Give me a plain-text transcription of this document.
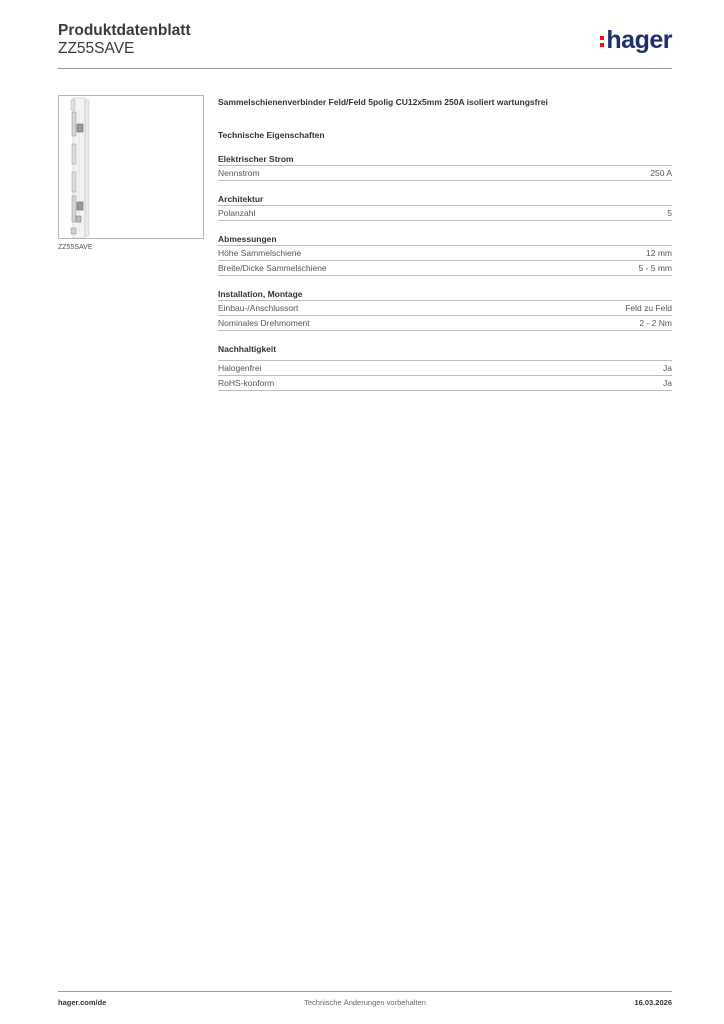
Produktdatenblatt
ZZ55SAVE	hager
ZZ55SAVE
Sammelschienenverbinder Feld/Feld 5polig CU12x5mm 250A isoliert wartungsfrei
Technische Eigenschaften
Elektrischer Strom
Nennstrom	250 A
Architektur
Polanzahl	5
Abmessungen
Höhe Sammelschiene	12 mm
Breite/Dicke Sammelschiene	5 - 5 mm
Installation, Montage
Einbau-/Anschlussort	Feld zu Feld
Nominales Drehmoment	2 - 2 Nm
Nachhaltigkeit
Halogenfrei	Ja
RoHS-konform	Ja
hager.com/de	Technische Änderungen vorbehalten	16.03.2026
